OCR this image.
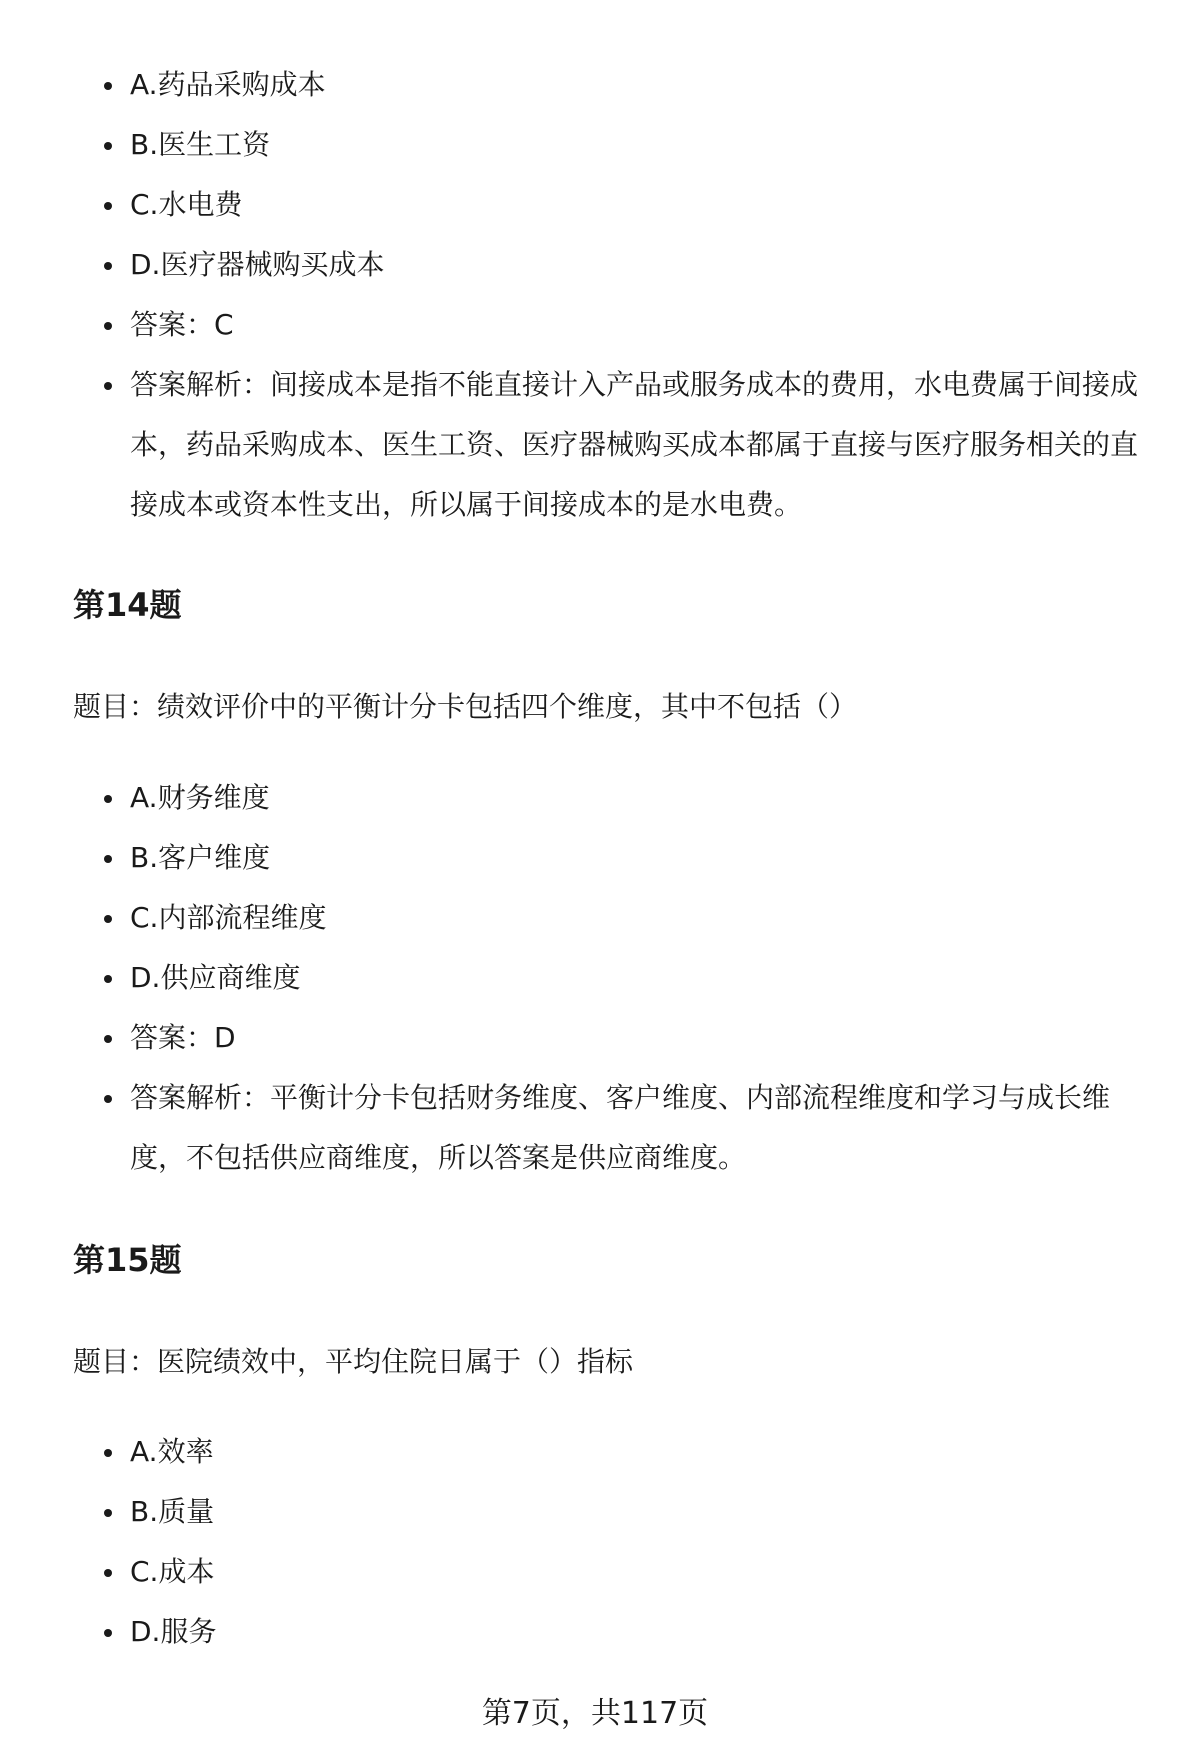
A.药品采购成本
B.医生工资
C.水电费
D.医疗器械购买成本
答案：C
答案解析：间接成本是指不能直接计入产品或服务成本的费用，水电费属于间接成本，药品采购成本、医生工资、医疗器械购买成本都属于直接与医疗服务相关的直接成本或资本性支出，所以属于间接成本的是水电费。
第14题

题目：绩效评价中的平衡计分卡包括四个维度，其中不包括（）

A.财务维度
B.客户维度
C.内部流程维度
D.供应商维度
答案：D
答案解析：平衡计分卡包括财务维度、客户维度、内部流程维度和学习与成长维度，不包括供应商维度，所以答案是供应商维度。
第15题

题目：医院绩效中，平均住院日属于（）指标

A.效率
B.质量
C.成本
D.服务

第7页，共117页
